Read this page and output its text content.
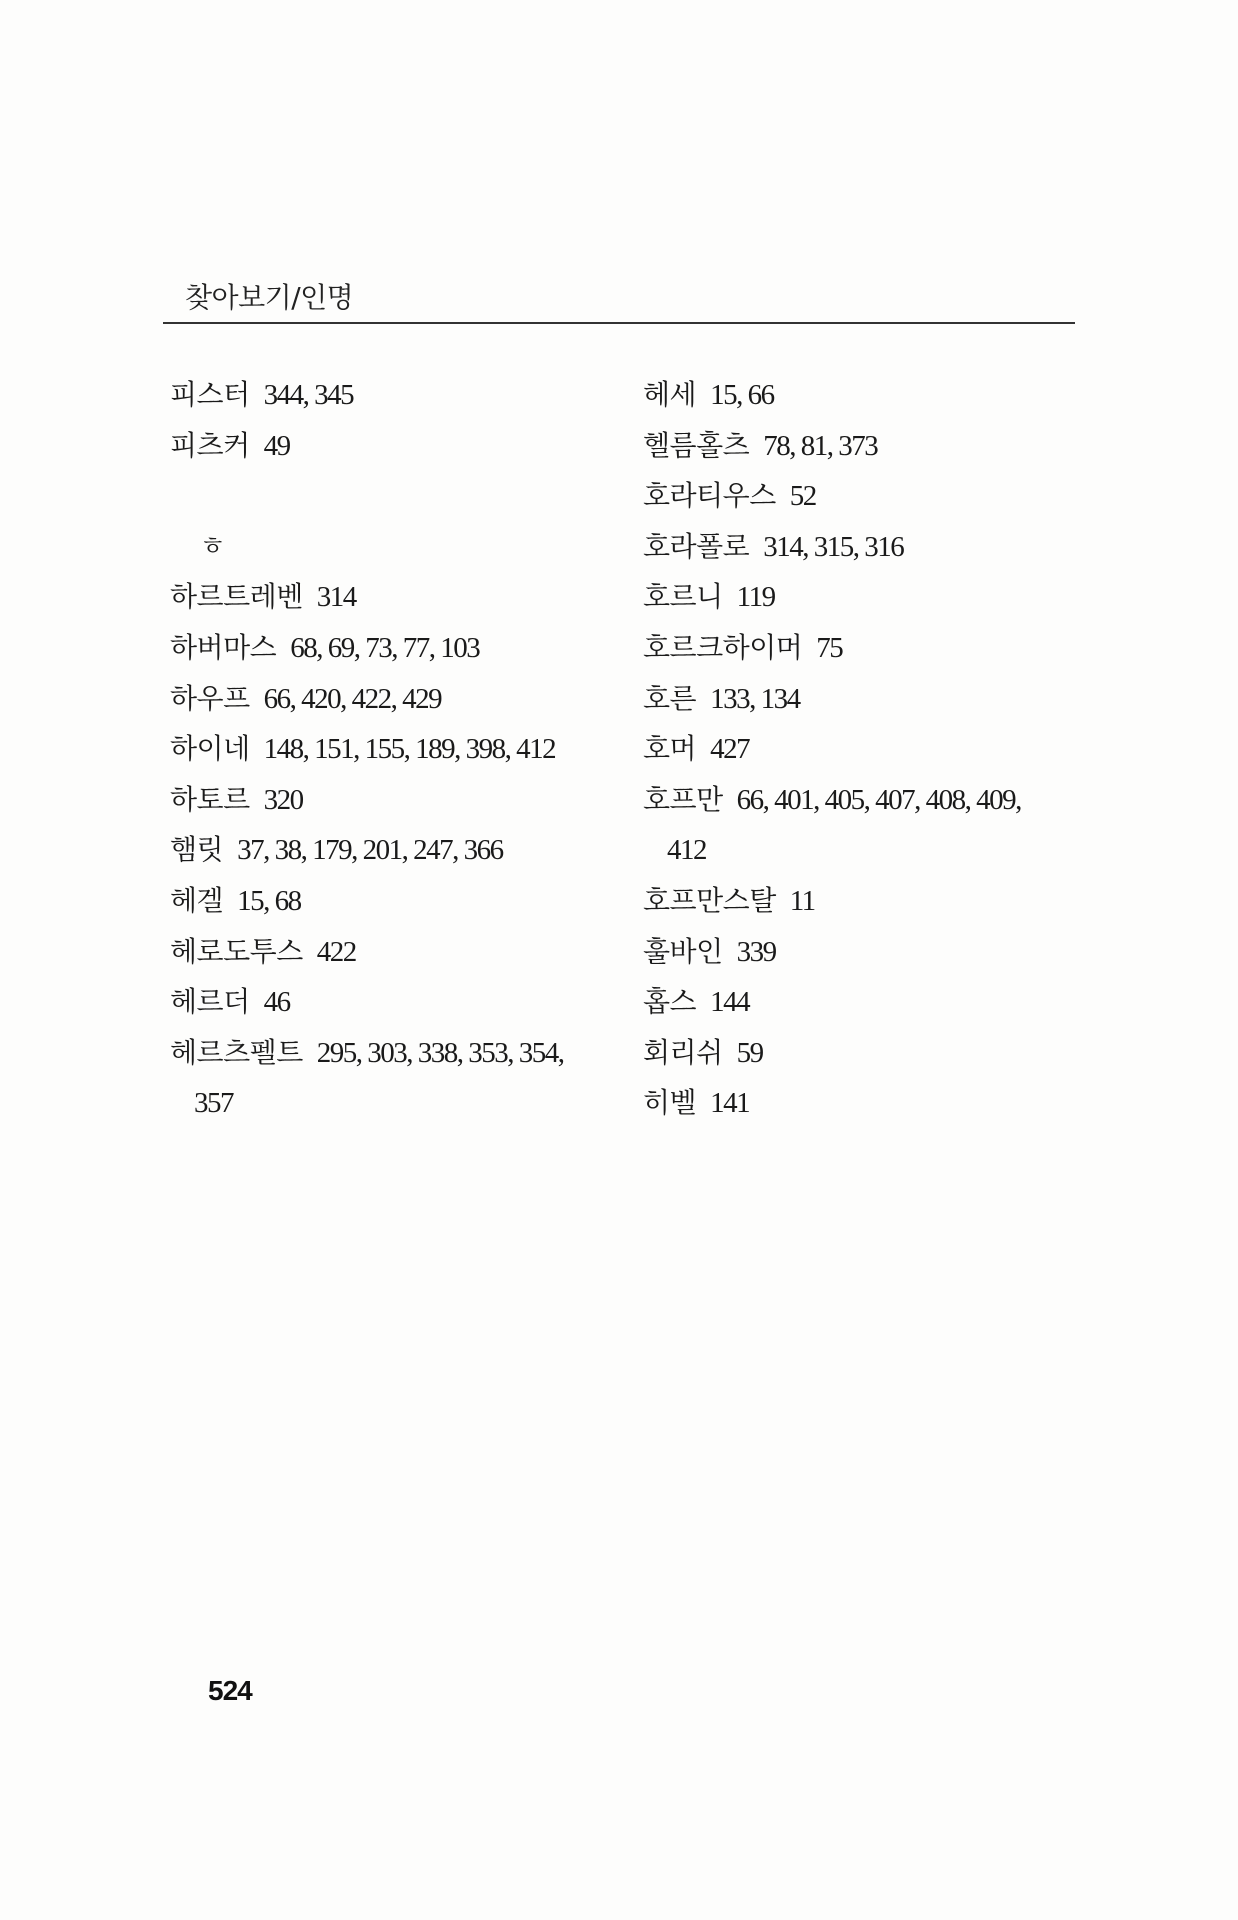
찾아보기/인명
피스터 344, 345
피츠커 49
ㅎ
하르트레벤 314
하버마스 68, 69, 73, 77, 103
하우프 66, 420, 422, 429
하이네 148, 151, 155, 189, 398, 412
하토르 320
햄릿 37, 38, 179, 201, 247, 366
헤겔 15, 68
헤로도투스 422
헤르더 46
헤르츠펠트 295, 303, 338, 353, 354,
357
헤세 15, 66
헬름홀츠 78, 81, 373
호라티우스 52
호라폴로 314, 315, 316
호르니 119
호르크하이머 75
호른 133, 134
호머 427
호프만 66, 401, 405, 407, 408, 409,
412
호프만스탈 11
훌바인 339
홉스 144
회리쉬 59
히벨 141
524
